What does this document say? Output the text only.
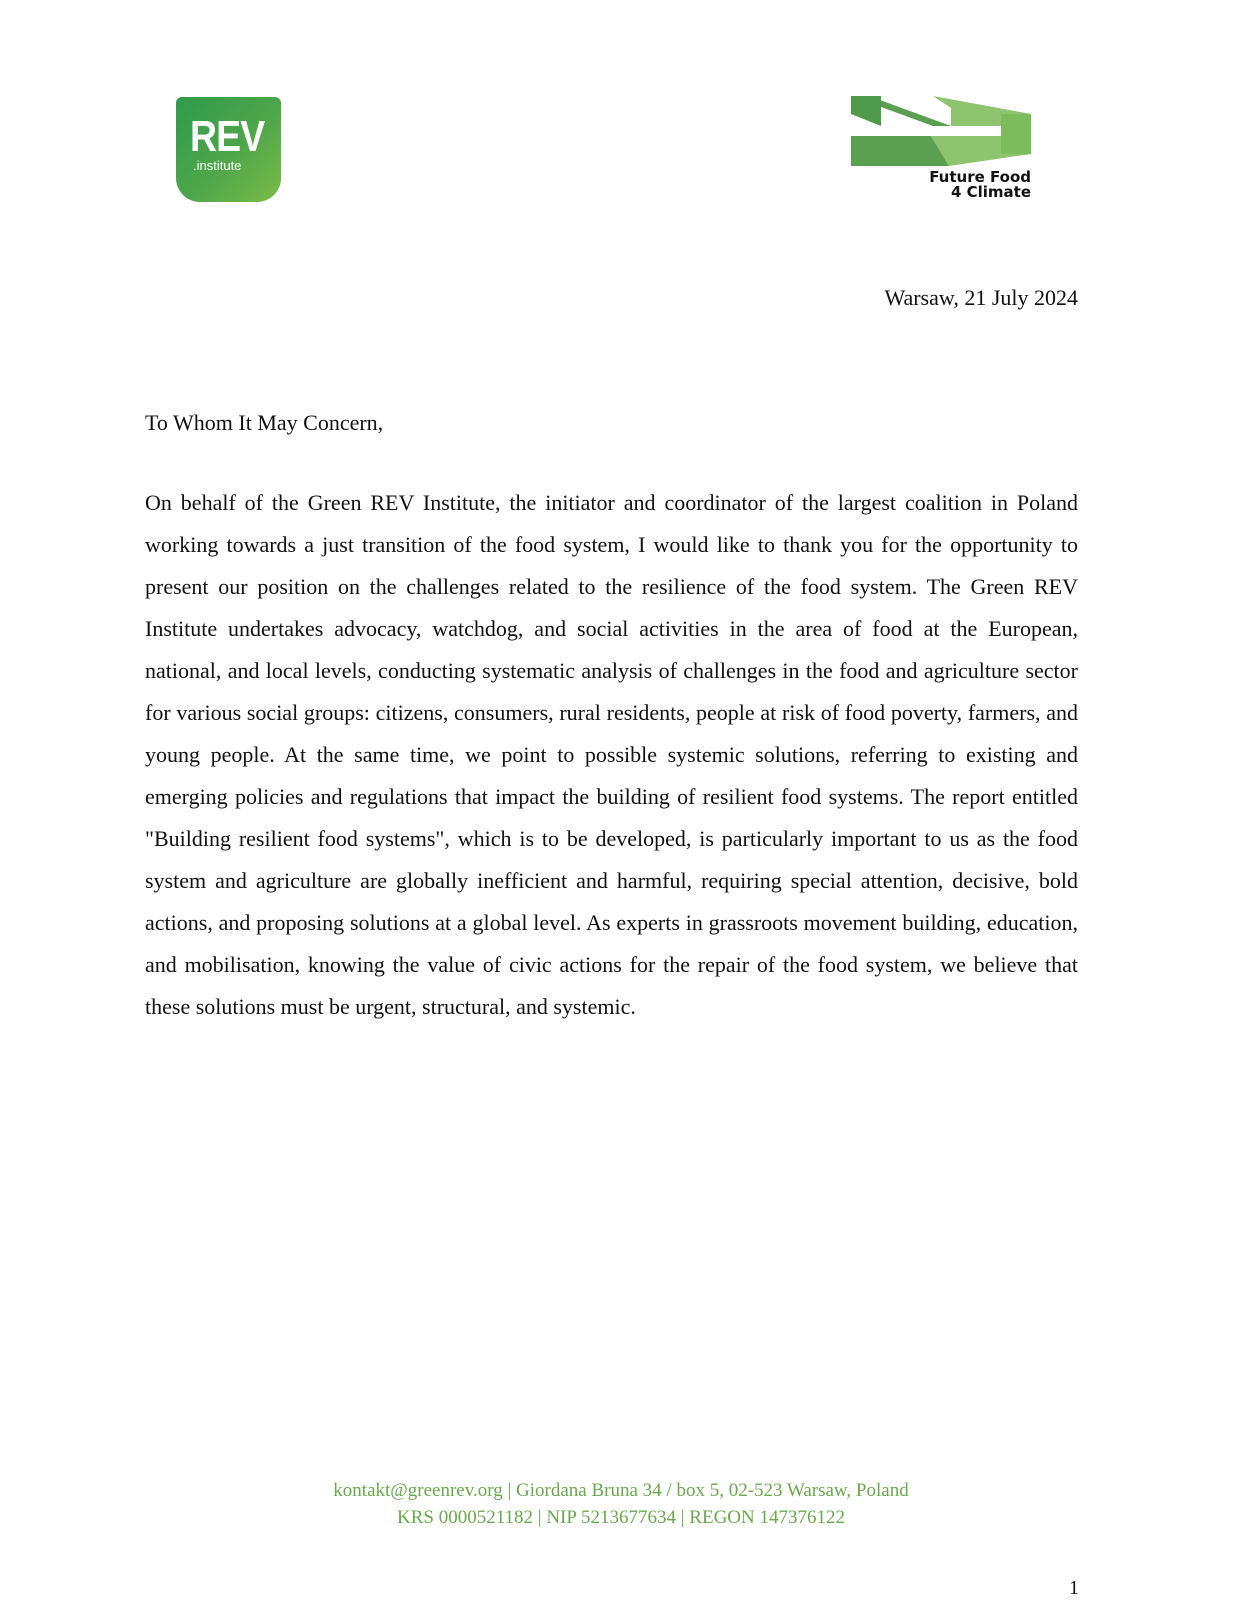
REV
.institute
Future Food
4 Climate
Warsaw, 21 July 2024
To Whom It May Concern,

On behalf of the Green REV Institute, the initiator and coordinator of the largest coalition in Poland working towards a just transition of the food system, I would like to thank you for the opportunity to present our position on the challenges related to the resilience of the food system. The Green REV Institute undertakes advocacy, watchdog, and social activities in the area of food at the European, national, and local levels, conducting systematic analysis of challenges in the food and agriculture sector for various social groups: citizens, consumers, rural residents, people at risk of food poverty, farmers, and young people. At the same time, we point to possible systemic solutions, referring to existing and emerging policies and regulations that impact the building of resilient food systems. The report entitled "Building resilient food systems", which is to be developed, is particularly important to us as the food system and agriculture are globally inefficient and harmful, requiring special attention, decisive, bold actions, and proposing solutions at a global level. As experts in grassroots movement building, education, and mobilisation, knowing the value of civic actions for the repair of the food system, we believe that these solutions must be urgent, structural, and systemic.

kontakt@greenrev.org | Giordana Bruna 34 / box 5, 02-523 Warsaw, Poland
KRS 0000521182 | NIP 5213677634 | REGON 147376122
1
